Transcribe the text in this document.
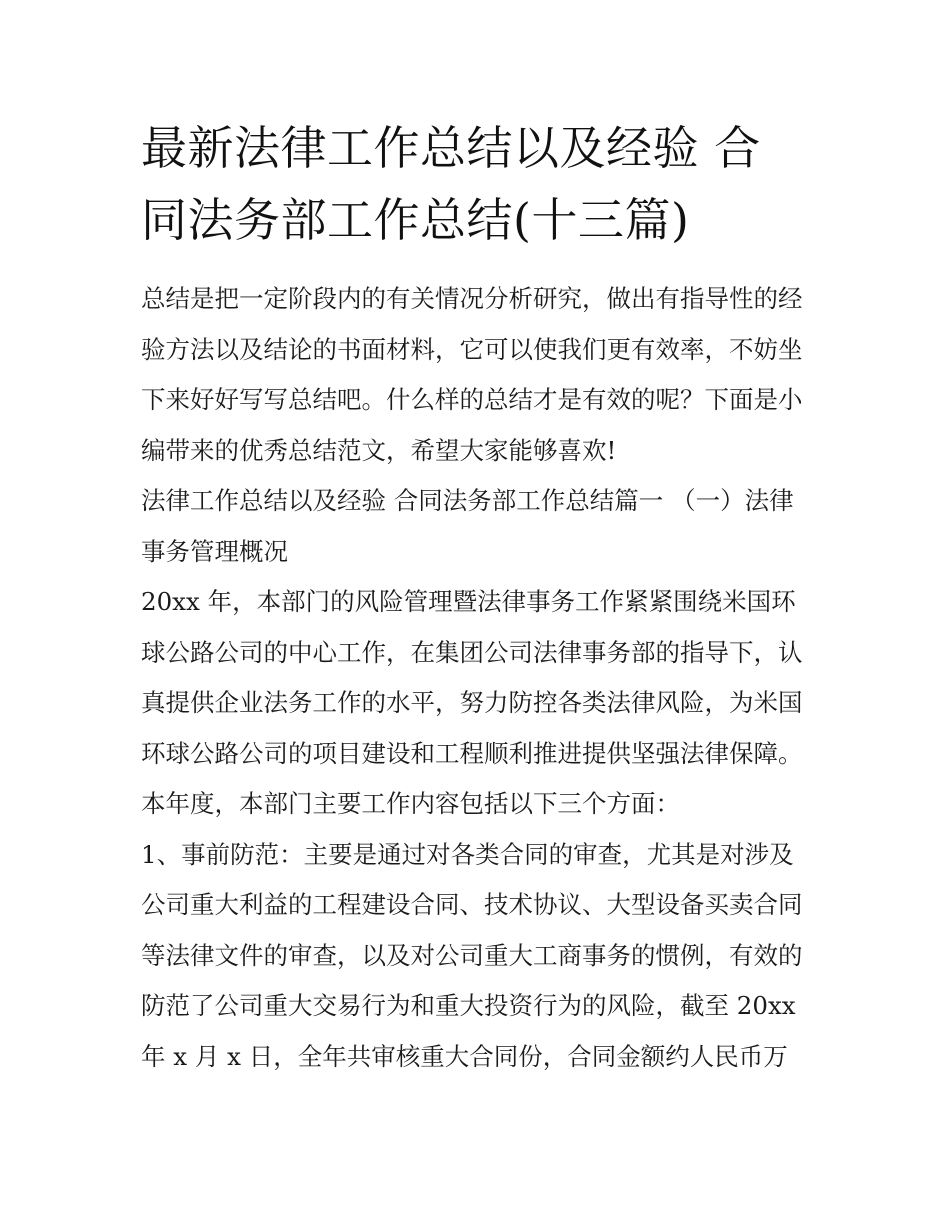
最新法律工作总结以及经验 合
同法务部工作总结(十三篇)

总结是把一定阶段内的有关情况分析研究，做出有指导性的经
验方法以及结论的书面材料，它可以使我们更有效率，不妨坐
下来好好写写总结吧。什么样的总结才是有效的呢？下面是小
编带来的优秀总结范文，希望大家能够喜欢!

法律工作总结以及经验 合同法务部工作总结篇一 （一）法律
事务管理概况

20xx 年，本部门的风险管理暨法律事务工作紧紧围绕米国环
球公路公司的中心工作，在集团公司法律事务部的指导下，认
真提供企业法务工作的水平，努力防控各类法律风险，为米国
环球公路公司的项目建设和工程顺利推进提供坚强法律保障。

本年度，本部门主要工作内容包括以下三个方面：

1、事前防范：主要是通过对各类合同的审查，尤其是对涉及
公司重大利益的工程建设合同、技术协议、大型设备买卖合同
等法律文件的审查，以及对公司重大工商事务的惯例，有效的
防范了公司重大交易行为和重大投资行为的风险，截至 20xx
年 x 月 x 日，全年共审核重大合同份，合同金额约人民币万
